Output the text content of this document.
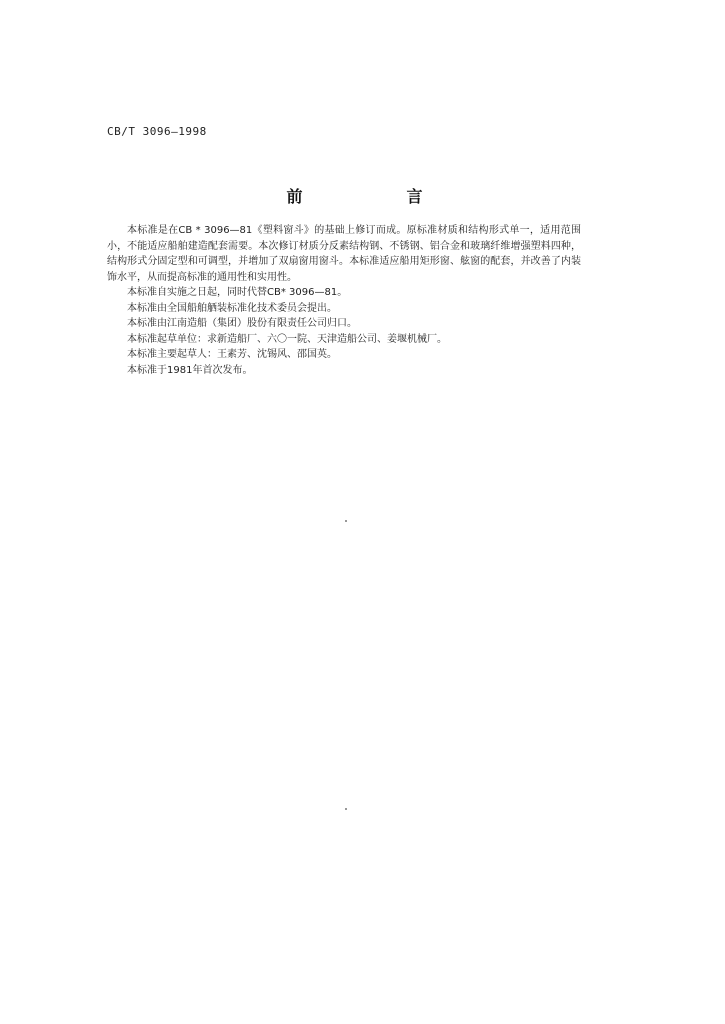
CB/T 3096—1998
前　言

本标准是在CB * 3096—81《塑料窗斗》的基础上修订而成。原标准材质和结构形式单一，适用范围小，不能适应船舶建造配套需要。本次修订材质分反素结构钢、不锈钢、铝合金和玻璃纤维增强塑料四种，结构形式分固定型和可调型，并增加了双扇窗用窗斗。本标准适应船用矩形窗、舷窗的配套，并改善了内装饰水平，从而提高标准的通用性和实用性。

本标准自实施之日起，同时代替CB* 3096—81。

本标准由全国船舶舾装标准化技术委员会提出。

本标准由江南造船（集团）股份有限责任公司归口。

本标准起草单位：求新造船厂、六〇一院、天津造船公司、姜堰机械厂。

本标准主要起草人：王素芳、沈锡风、邵国英。

本标准于1981年首次发布。
